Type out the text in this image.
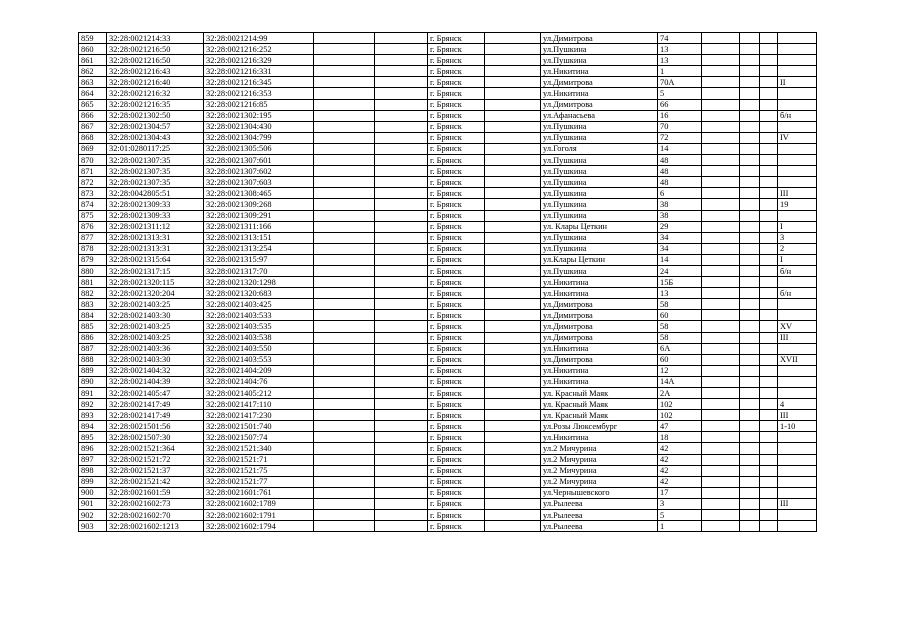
859	32:28:0021214:33	32:28:0021214:99			г. Брянск		ул.Димитрова	74				
860	32:28:0021216:50	32:28:0021216:252			г. Брянск		ул.Пушкина	13				
861	32:28:0021216:50	32:28:0021216:329			г. Брянск		ул.Пушкина	13				
862	32:28:0021216:43	32:28:0021216:331			г. Брянск		ул.Никитина	1				
863	32:28:0021216:40	32:28:0021216:345			г. Брянск		ул.Димитрова	70А				II
864	32:28:0021216:32	32:28:0021216:353			г. Брянск		ул.Никитина	5				
865	32:28:0021216:35	32:28:0021216:85			г. Брянск		ул.Димитрова	66				
866	32:28:0021302:50	32:28:0021302:195			г. Брянск		ул.Афанасьева	16				б/н
867	32:28:0021304:57	32:28:0021304:430			г. Брянск		ул.Пушкина	70				
868	32:28:0021304:43	32:28:0021304:799			г. Брянск		ул.Пушкина	72				IV
869	32:01:0280117:25	32:28:0021305:506			г. Брянск		ул.Гоголя	14				
870	32:28:0021307:35	32:28:0021307:601			г. Брянск		ул.Пушкина	48				
871	32:28:0021307:35	32:28:0021307:602			г. Брянск		ул.Пушкина	48				
872	32:28:0021307:35	32:28:0021307:603			г. Брянск		ул.Пушкина	48				
873	32:28:0042805:51	32:28:0021308:465			г. Брянск		ул.Пушкина	6				III
874	32:28:0021309:33	32:28:0021309:268			г. Брянск		ул.Пушкина	38				19
875	32:28:0021309:33	32:28:0021309:291			г. Брянск		ул.Пушкина	38				
876	32:28:0021311:12	32:28:0021311:166			г. Брянск		ул. Клары Цеткин	29				I
877	32:28:0021313:31	32:28:0021313:151			г. Брянск		ул.Пушкина	34				3
878	32:28:0021313:31	32:28:0021313:254			г. Брянск		ул.Пушкина	34				2
879	32:28:0021315:64	32:28:0021315:97			г. Брянск		ул.Клары Цеткин	14				I
880	32:28:0021317:15	32:28:0021317:70			г. Брянск		ул.Пушкина	24				б/н
881	32:28:0021320:115	32:28:0021320:1298			г. Брянск		ул.Никитина	15Б				
882	32:28:0021320:204	32:28:0021320:683			г. Брянск		ул.Никитина	13				б/н
883	32:28:0021403:25	32:28:0021403:425			г. Брянск		ул.Димитрова	58				
884	32:28:0021403:30	32:28:0021403:533			г. Брянск		ул.Димитрова	60				
885	32:28:0021403:25	32:28:0021403:535			г. Брянск		ул.Димитрова	58				XV
886	32:28:0021403:25	32:28:0021403:538			г. Брянск		ул.Димитрова	58				III
887	32:28:0021403:36	32:28:0021403:550			г. Брянск		ул.Никитина	6А				
888	32:28:0021403:30	32:28:0021403:553			г. Брянск		ул.Димитрова	60				XVII
889	32:28:0021404:32	32:28:0021404:209			г. Брянск		ул.Никитина	12				
890	32:28:0021404:39	32:28:0021404:76			г. Брянск		ул.Никитина	14А				
891	32:28:0021405:47	32:28:0021405:212			г. Брянск		ул. Красный Маяк	2А				
892	32:28:0021417:49	32:28:0021417:110			г. Брянск		ул. Красный Маяк	102				4
893	32:28:0021417:49	32:28:0021417:230			г. Брянск		ул. Красный Маяк	102				III
894	32:28:0021501:56	32:28:0021501:740			г. Брянск		ул.Розы Люксембург	47				1-10
895	32:28:0021507:30	32:28:0021507:74			г. Брянск		ул.Никитина	18				
896	32:28:0021521:364	32:28:0021521:340			г. Брянск		ул.2 Мичурина	42				
897	32:28:0021521:72	32:28:0021521:71			г. Брянск		ул.2 Мичурина	42				
898	32:28:0021521:37	32:28:0021521:75			г. Брянск		ул.2 Мичурина	42				
899	32:28:0021521:42	32:28:0021521:77			г. Брянск		ул.2 Мичурина	42				
900	32:28:0021601:59	32:28:0021601:761			г. Брянск		ул.Чернышевского	17				
901	32:28:0021602:73	32:28:0021602:1789			г. Брянск		ул.Рылеева	3				III
902	32:28:0021602:70	32:28:0021602:1791			г. Брянск		ул.Рылеева	5				
903	32:28:0021602:1213	32:28:0021602:1794			г. Брянск		ул.Рылеева	1				
